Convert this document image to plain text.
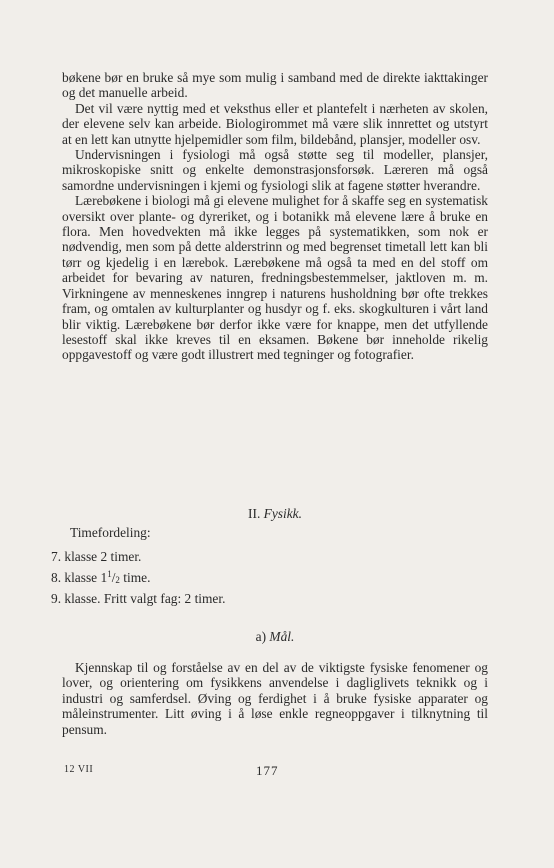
bøkene bør en bruke så mye som mulig i samband med de direkte iakttakinger og det manuelle arbeid.

Det vil være nyttig med et veksthus eller et plantefelt i nærheten av skolen, der elevene selv kan arbeide. Biologirommet må være slik innrettet og utstyrt at en lett kan utnytte hjelpemidler som film, bildebånd, plansjer, modeller osv.

Undervisningen i fysiologi må også støtte seg til modeller, plansjer, mikroskopiske snitt og enkelte demonstrasjonsforsøk. Læreren må også samordne undervisningen i kjemi og fysiologi slik at fagene støtter hverandre.

Lærebøkene i biologi må gi elevene mulighet for å skaffe seg en systematisk oversikt over plante- og dyreriket, og i botanikk må elevene lære å bruke en flora. Men hovedvekten må ikke legges på systematikken, som nok er nødvendig, men som på dette alderstrinn og med begrenset timetall lett kan bli tørr og kjedelig i en lærebok. Lærebøkene må også ta med en del stoff om arbeidet for bevaring av naturen, fredningsbestemmelser, jaktloven m. m. Virkningene av menneskenes inngrep i naturens husholdning bør ofte trekkes fram, og omtalen av kulturplanter og husdyr og f. eks. skogkulturen i vårt land blir viktig. Lærebøkene bør derfor ikke være for knappe, men det utfyllende lesestoff skal ikke kreves til en eksamen. Bøkene bør inneholde rikelig oppgavestoff og være godt illustrert med tegninger og fotografier.

II. Fysikk.
Timefordeling:
7. klasse 2 timer.
8. klasse $1^1/_2$ time.
9. klasse. Fritt valgt fag: 2 timer.
a) Mål.

Kjennskap til og forståelse av en del av de viktigste fysiske fenomener og lover, og orientering om fysikkens anvendelse i dagliglivets teknikk og i industri og samferdsel. Øving og ferdighet i å bruke fysiske apparater og måleinstrumenter. Litt øving i å løse enkle regneoppgaver i tilknytning til pensum.

12 VII	177
